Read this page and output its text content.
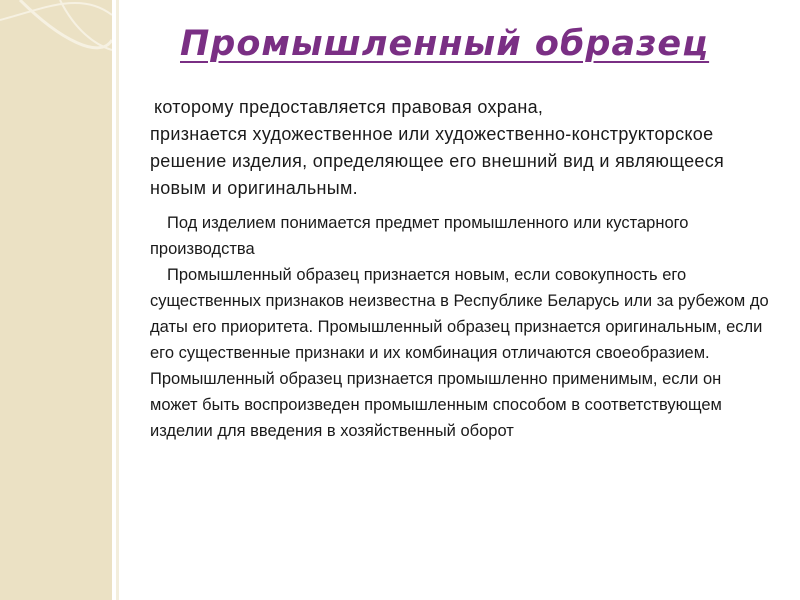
Промышленный образец
которому предоставляется правовая охрана,
признается художественное или художественно-конструкторское решение изделия, определяющее его внешний вид и являющееся новым и оригинальным.

Под изделием понимается предмет промышленного или кустарного производства

Промышленный образец признается новым, если совокупность его существенных признаков неизвестна в Республике Беларусь или за рубежом до даты его приоритета. Промышленный образец признается оригинальным, если его существенные признаки и их комбинация отличаются своеобразием. Промышленный образец признается промышленно применимым, если он может быть воспроизведен промышленным способом в соответствующем изделии для введения в хозяйственный оборот
